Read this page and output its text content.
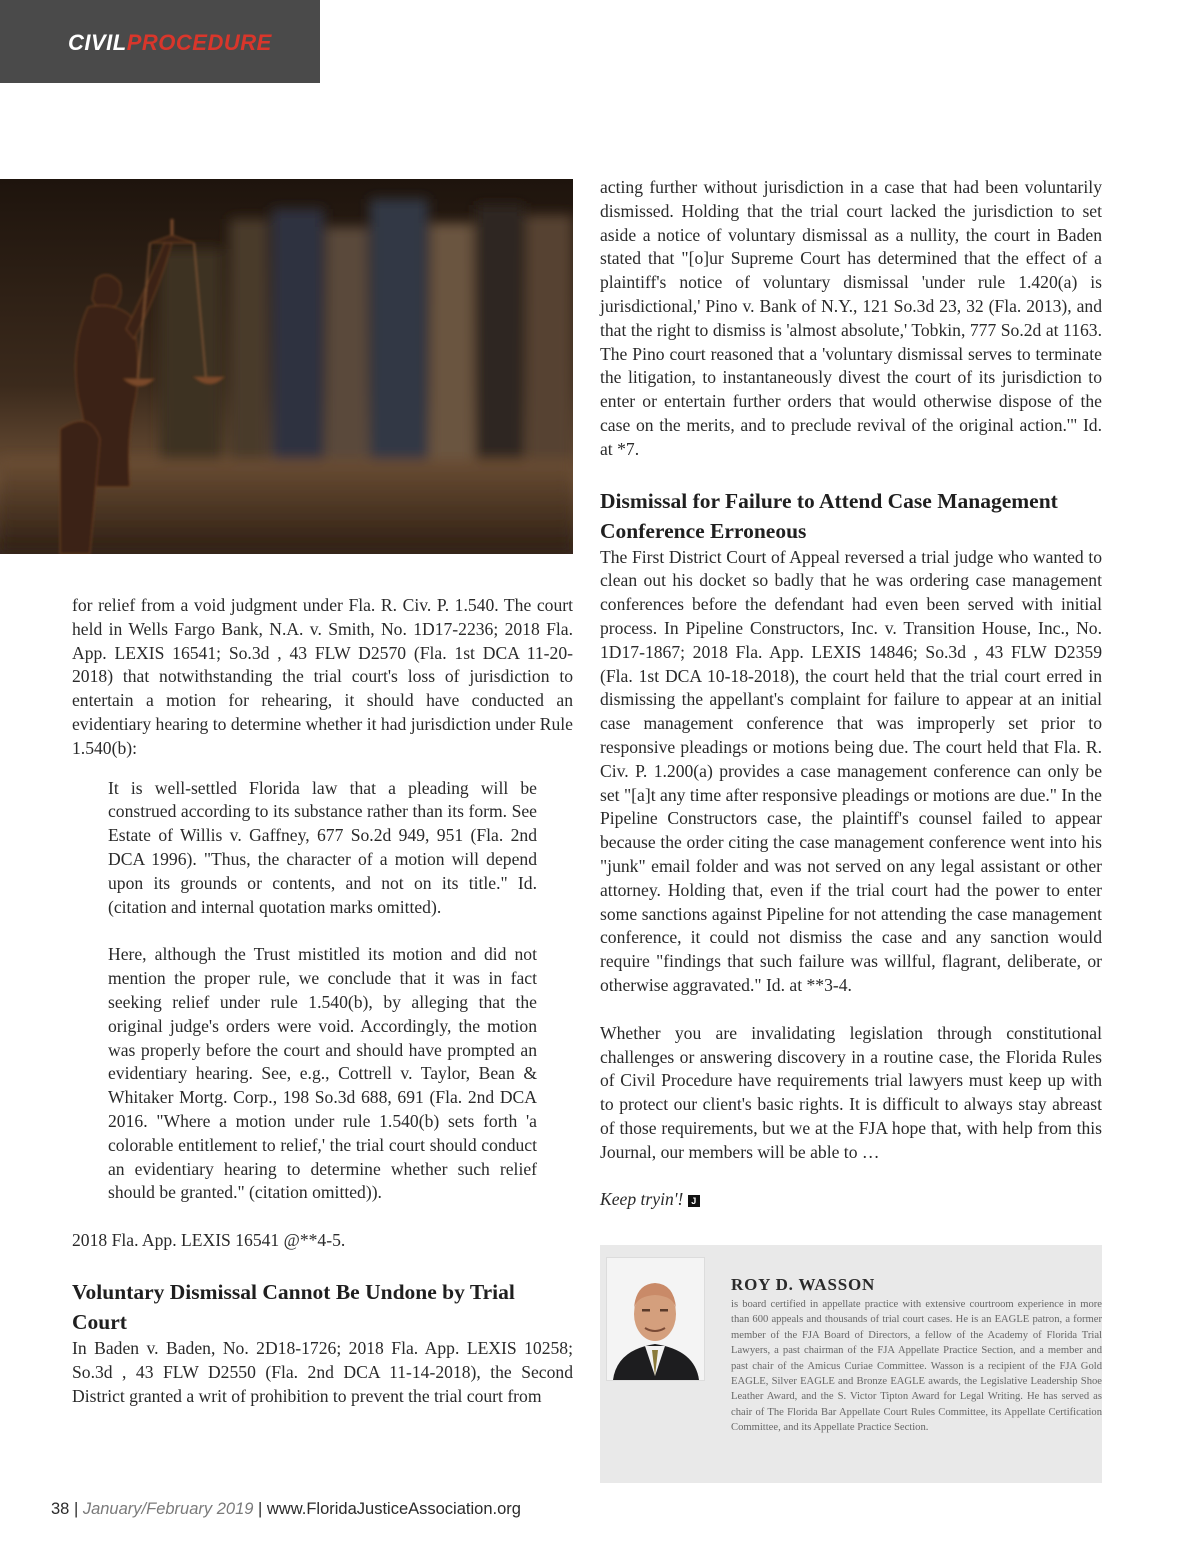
CIVILPROCEDURE

for relief from a void judgment under Fla. R. Civ. P. 1.540. The court held in Wells Fargo Bank, N.A. v. Smith, No. 1D17-2236; 2018 Fla. App. LEXIS 16541; So.3d , 43 FLW D2570 (Fla. 1st DCA 11-20-2018) that notwithstanding the trial court's loss of jurisdiction to entertain a motion for rehearing, it should have conducted an evidentiary hearing to determine whether it had jurisdiction under Rule 1.540(b):

It is well-settled Florida law that a pleading will be construed according to its substance rather than its form. See Estate of Willis v. Gaffney, 677 So.2d 949, 951 (Fla. 2nd DCA 1996). "Thus, the character of a motion will depend upon its grounds or contents, and not on its title." Id. (citation and internal quotation marks omitted).

Here, although the Trust mistitled its motion and did not mention the proper rule, we conclude that it was in fact seeking relief under rule 1.540(b), by alleging that the original judge's orders were void. Accordingly, the motion was properly before the court and should have prompted an evidentiary hearing. See, e.g., Cottrell v. Taylor, Bean & Whitaker Mortg. Corp., 198 So.3d 688, 691 (Fla. 2nd DCA 2016. "Where a motion under rule 1.540(b) sets forth 'a colorable entitlement to relief,' the trial court should conduct an evidentiary hearing to determine whether such relief should be granted." (citation omitted)).

2018 Fla. App. LEXIS 16541 @**4-5.

Voluntary Dismissal Cannot Be Undone by Trial Court

In Baden v. Baden, No. 2D18-1726; 2018 Fla. App. LEXIS 10258; So.3d , 43 FLW D2550 (Fla. 2nd DCA 11-14-2018), the Second District granted a writ of prohibition to prevent the trial court from

acting further without jurisdiction in a case that had been voluntarily dismissed. Holding that the trial court lacked the jurisdiction to set aside a notice of voluntary dismissal as a nullity, the court in Baden stated that "[o]ur Supreme Court has determined that the effect of a plaintiff's notice of voluntary dismissal 'under rule 1.420(a) is jurisdictional,' Pino v. Bank of N.Y., 121 So.3d 23, 32 (Fla. 2013), and that the right to dismiss is 'almost absolute,' Tobkin, 777 So.2d at 1163. The Pino court reasoned that a 'voluntary dismissal serves to terminate the litigation, to instantaneously divest the court of its jurisdiction to enter or entertain further orders that would otherwise dispose of the case on the merits, and to preclude revival of the original action.'" Id. at *7.

Dismissal for Failure to Attend Case Management Conference Erroneous

The First District Court of Appeal reversed a trial judge who wanted to clean out his docket so badly that he was ordering case management conferences before the defendant had even been served with initial process. In Pipeline Constructors, Inc. v. Transition House, Inc., No. 1D17-1867; 2018 Fla. App. LEXIS 14846; So.3d , 43 FLW D2359 (Fla. 1st DCA 10-18-2018), the court held that the trial court erred in dismissing the appellant's complaint for failure to appear at an initial case management conference that was improperly set prior to responsive pleadings or motions being due. The court held that Fla. R. Civ. P. 1.200(a) provides a case management conference can only be set "[a]t any time after responsive pleadings or motions are due." In the Pipeline Constructors case, the plaintiff's counsel failed to appear because the order citing the case management conference went into his "junk" email folder and was not served on any legal assistant or other attorney. Holding that, even if the trial court had the power to enter some sanctions against Pipeline for not attending the case management conference, it could not dismiss the case and any sanction would require "findings that such failure was willful, flagrant, deliberate, or otherwise aggravated." Id. at **3-4.

Whether you are invalidating legislation through constitutional challenges or answering discovery in a routine case, the Florida Rules of Civil Procedure have requirements trial lawyers must keep up with to protect our client's basic rights. It is difficult to always stay abreast of those requirements, but we at the FJA hope that, with help from this Journal, our members will be able to …

Keep tryin'! J

ROY D. WASSON
is board certified in appellate practice with extensive courtroom experience in more than 600 appeals and thousands of trial court cases. He is an EAGLE patron, a former member of the FJA Board of Directors, a fellow of the Academy of Florida Trial Lawyers, a past chairman of the FJA Appellate Practice Section, and a member and past chair of the Amicus Curiae Committee. Wasson is a recipient of the FJA Gold EAGLE, Silver EAGLE and Bronze EAGLE awards, the Legislative Leadership Shoe Leather Award, and the S. Victor Tipton Award for Legal Writing. He has served as chair of The Florida Bar Appellate Court Rules Committee, its Appellate Certification Committee, and its Appellate Practice Section.
38 | January/February 2019 | www.FloridaJusticeAssociation.org
